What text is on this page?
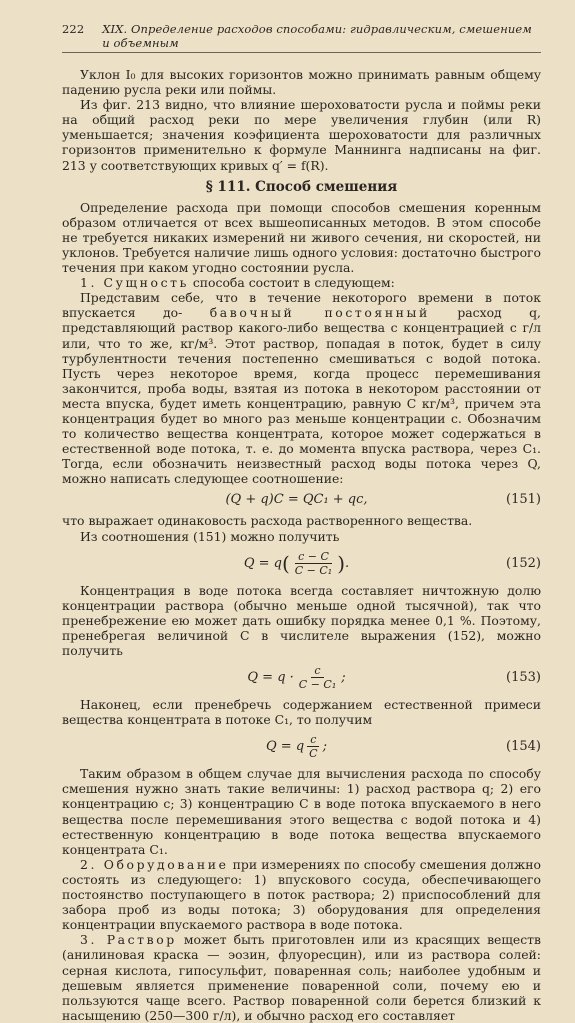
222 XIX. Определение расходов способами: гидравлическим, смешением и объемным

Уклон I₀ для высоких горизонтов можно принимать равным общему падению русла реки или поймы.

Из фиг. 213 видно, что влияние шероховатости русла и поймы реки на общий расход реки по мере увеличения глубин (или R) уменьшается; значения коэфициента шероховатости для различных горизонтов применительно к формуле Маннинга надписаны на фиг. 213 у соответствующих кривых q′ = f(R).

§ 111. Способ смешения

Определение расхода при помощи способов смешения коренным образом отличается от всех вышеописанных методов. В этом способе не требуется никаких измерений ни живого сечения, ни скоростей, ни уклонов. Требуется наличие лишь одного условия: достаточно быстрого течения при каком угодно состоянии русла.

1. Сущность способа состоит в следующем:

Представим себе, что в течение некоторого времени в поток впускается до- бавочный постоянный расход q, представляющий раствор какого-либо вещества с концентрацией c г/л или, что то же, кг/м³. Этот раствор, попадая в поток, будет в силу турбулентности течения постепенно смешиваться с водой потока. Пусть через некоторое время, когда процесс перемешивания закончится, проба воды, взятая из потока в некотором расстоянии от места впуска, будет иметь концентрацию, равную C кг/м³, причем эта концентрация будет во много раз меньше концентрации c. Обозначим то количество вещества концентрата, которое может содержаться в естественной воде потока, т. е. до момента впуска раствора, через C₁. Тогда, если обозначить неизвестный расход воды потока через Q, можно написать следующее соотношение:

(Q + q)C = QC₁ + qc,	(151)

что выражает одинаковость расхода растворенного вещества.

Из соотношения (151) можно получить

$Q = q( \frac{c - C}{\text{C − C₁}}$ ).	(152)

Концентрация в воде потока всегда составляет ничтожную долю концентрации раствора (обычно меньше одной тысячной), так что пренебрежение ею может дать ошибку порядка менее 0,1 %. Поэтому, пренебрегая величиной C в числителе выражения (152), можно получить

$Q = q \cdot \frac{c}{\text{C − C₁}}$ ;	(153)

Наконец, если пренебречь содержанием естественной примеси вещества концентрата в потоке C₁, то получим

Q = q $\frac{c}{C}$ ;	(154)

Таким образом в общем случае для вычисления расхода по способу смешения нужно знать такие величины: 1) расход раствора q; 2) его концентрацию c; 3) концентрацию C в воде потока впускаемого в него вещества после перемешивания этого вещества с водой потока и 4) естественную концентрацию в воде потока вещества впускаемого концентрата C₁.

2. Оборудование при измерениях по способу смешения должно состоять из следующего: 1) впускового сосуда, обеспечивающего постоянство поступающего в поток раствора; 2) приспособлений для забора проб из воды потока; 3) оборудования для определения концентрации впускаемого раствора в воде потока.

3. Раствор может быть приготовлен или из красящих веществ (анилиновая краска — эозин, флуоресцин), или из раствора солей: серная кислота, гипосульфит, поваренная соль; наиболее удобным и дешевым является применение поваренной соли, почему ею и пользуются чаще всего. Раствор поваренной соли берется близкий к насыщению (250—300 г/л), и обычно расход его составляет
